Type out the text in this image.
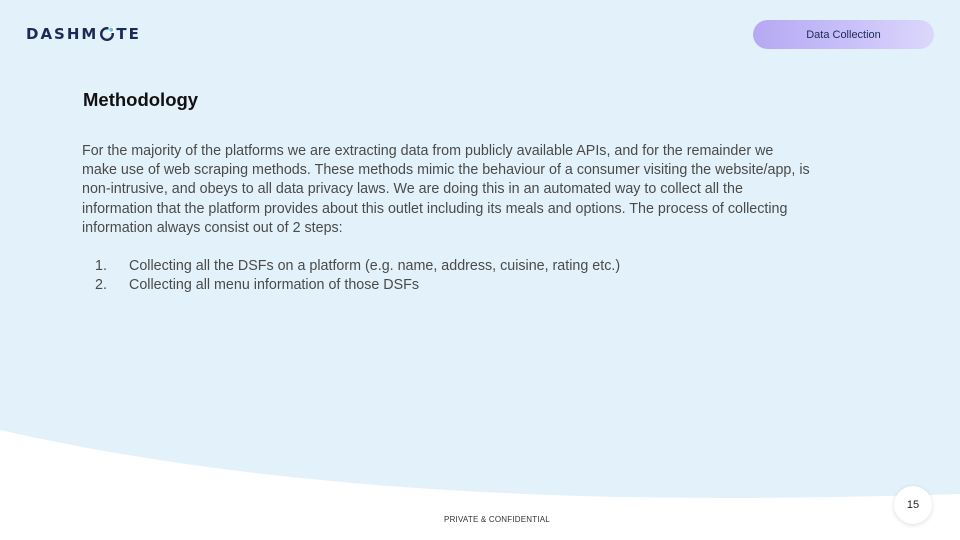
DASHM TE	Data Collection
Methodology

For the majority of the platforms we are extracting data from publicly available APIs, and for the remainder we make use of web scraping methods. These methods mimic the behaviour of a consumer visiting the website/app, is non-intrusive, and obeys to all data privacy laws. We are doing this in an automated way to collect all the information that the platform provides about this outlet including its meals and options. The process of collecting information always consist out of 2 steps:

1.	Collecting all the DSFs on a platform (e.g. name, address, cuisine, rating etc.)
2.	Collecting all menu information of those DSFs
PRIVATE & CONFIDENTIAL
15
